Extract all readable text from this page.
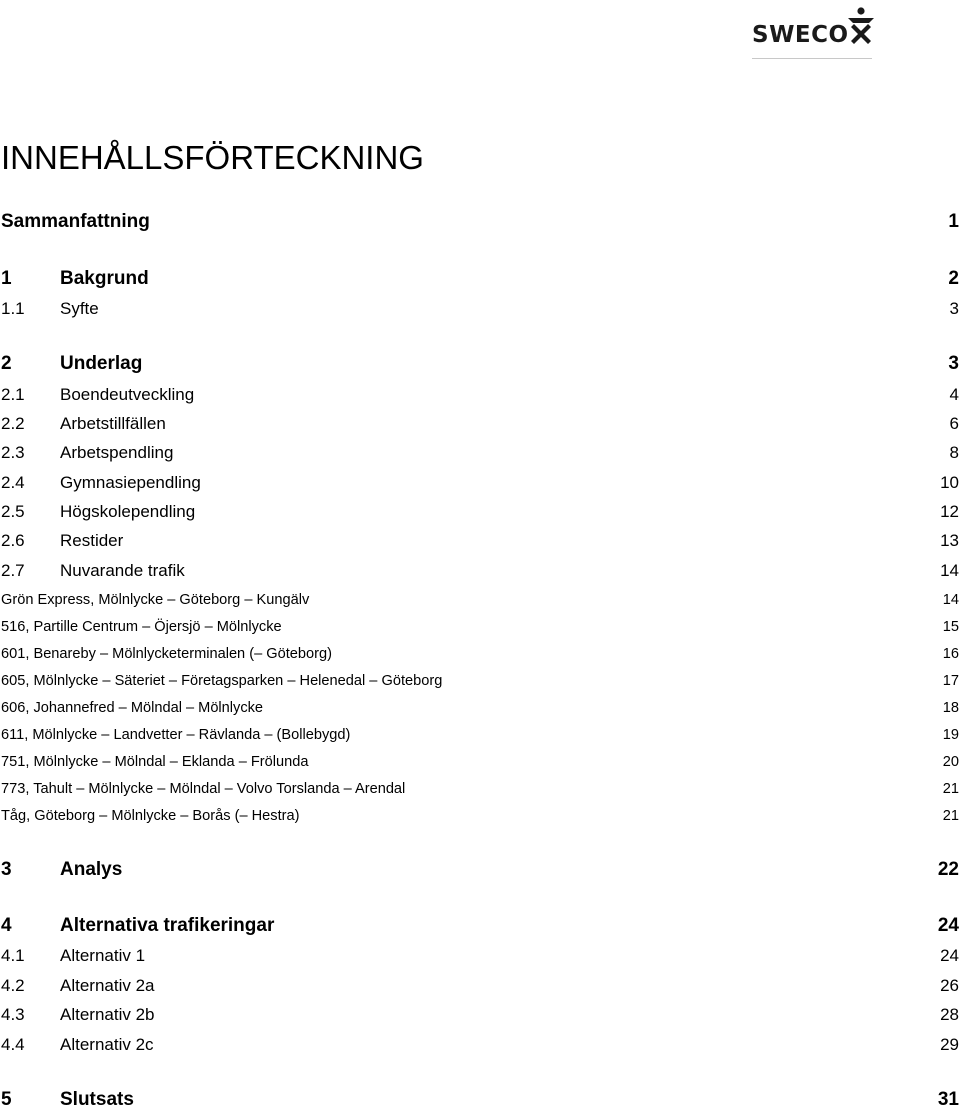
SWECO
INNEHÅLLSFÖRTECKNING
Sammanfattning	1
1	Bakgrund	2
1.1 Syfte	3
2	Underlag	3
2.1 Boendeutveckling	4
2.2 Arbetstillfällen	6
2.3 Arbetspendling	8
2.4 Gymnasiependling	10
2.5 Högskolependling	12
2.6 Restider	13
2.7 Nuvarande trafik	14
Grön Express, Mölnlycke – Göteborg – Kungälv	14
516, Partille Centrum – Öjersjö – Mölnlycke	15
601, Benareby – Mölnlycketerminalen (– Göteborg)	16
605, Mölnlycke – Säteriet – Företagsparken – Helenedal – Göteborg	17
606, Johannefred – Mölndal – Mölnlycke	18
611, Mölnlycke – Landvetter – Rävlanda – (Bollebygd)	19
751, Mölnlycke – Mölndal – Eklanda – Frölunda	20
773, Tahult – Mölnlycke – Mölndal – Volvo Torslanda – Arendal	21
Tåg, Göteborg – Mölnlycke – Borås (– Hestra)	21
3	Analys	22
4	Alternativa trafikeringar	24
4.1 Alternativ 1	24
4.2 Alternativ 2a	26
4.3 Alternativ 2b	28
4.4 Alternativ 2c	29
5	Slutsats	31
